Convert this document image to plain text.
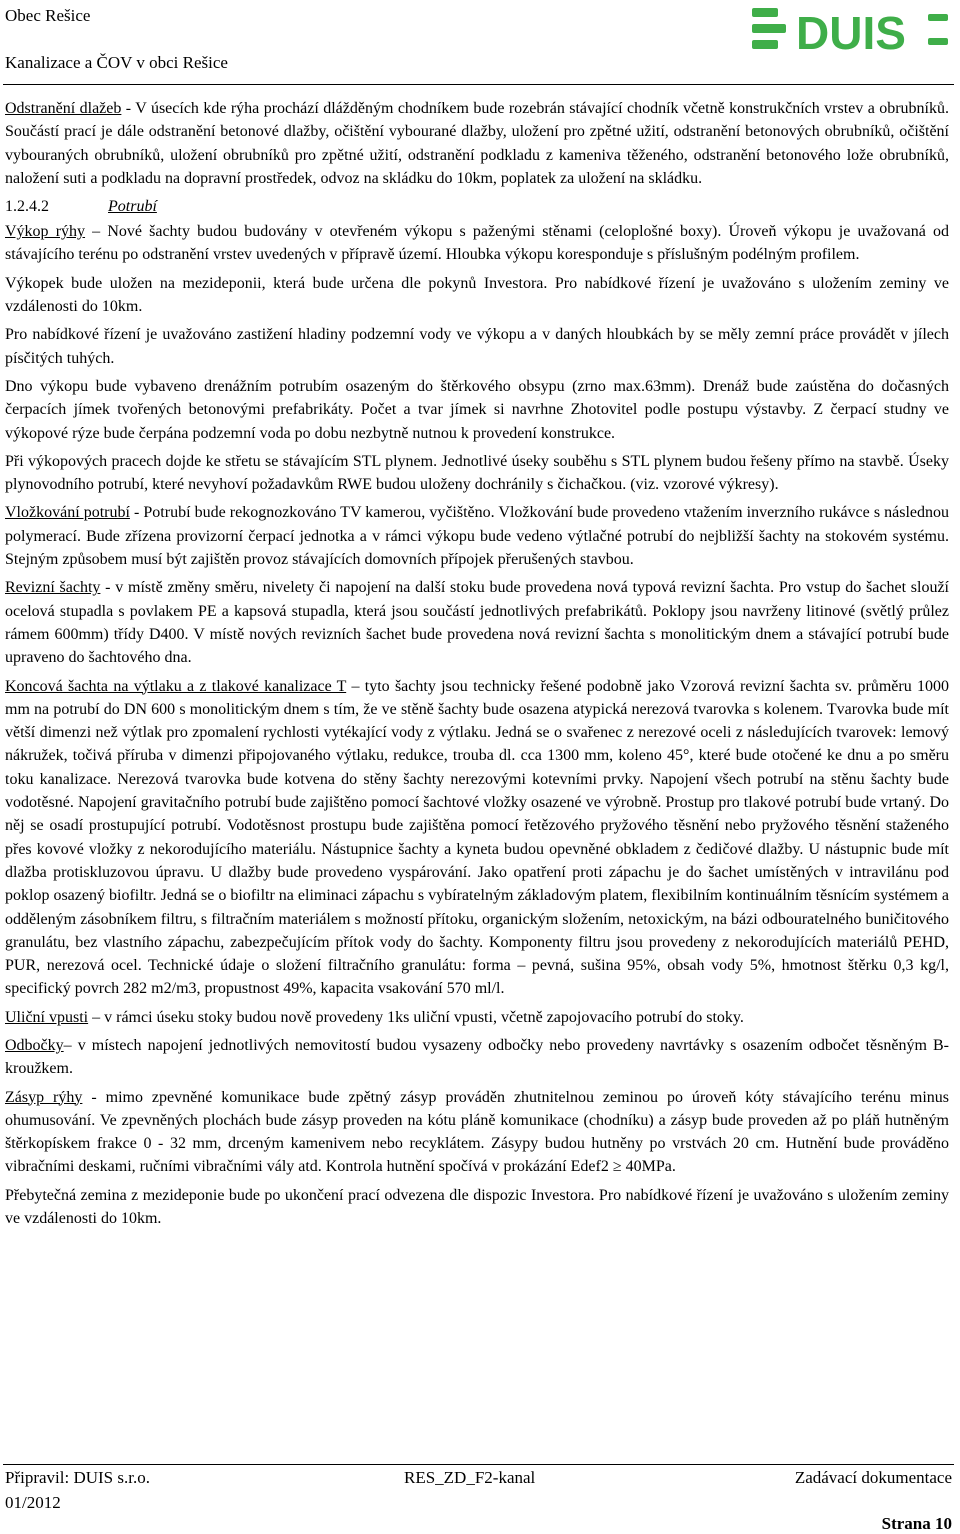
Obec Rešice
Kanalizace a ČOV v obci Rešice
DUIS

Odstranění dlažeb - V úsecích kde rýha prochází dlážděným chodníkem bude rozebrán stávající chodník včetně konstrukčních vrstev a obrubníků. Součástí prací je dále odstranění betonové dlažby, očištění vybourané dlažby, uložení pro zpětné užití, odstranění betonových obrubníků, očištění vybouraných obrubníků, uložení obrubníků pro zpětné užití, odstranění podkladu z kameniva těženého, odstranění betonového lože obrubníků, naložení suti a podkladu na dopravní prostředek, odvoz na skládku do 10km, poplatek za uložení na skládku.

1.2.4.2	Potrubí

Výkop rýhy – Nové šachty budou budovány v otevřeném výkopu s paženými stěnami (celoplošné boxy). Úroveň výkopu je uvažovaná od stávajícího terénu po odstranění vrstev uvedených v přípravě území. Hloubka výkopu koresponduje s příslušným podélným profilem.

Výkopek bude uložen na mezideponii, která bude určena dle pokynů Investora. Pro nabídkové řízení je uvažováno s uložením zeminy ve vzdálenosti do 10km.

Pro nabídkové řízení je uvažováno zastižení hladiny podzemní vody ve výkopu a v daných hloubkách by se měly zemní práce provádět v jílech písčitých tuhých.

Dno výkopu bude vybaveno drenážním potrubím osazeným do štěrkového obsypu (zrno max.63mm). Drenáž bude zaústěna do dočasných čerpacích jímek tvořených betonovými prefabrikáty. Počet a tvar jímek si navrhne Zhotovitel podle postupu výstavby. Z čerpací studny ve výkopové rýze bude čerpána podzemní voda po dobu nezbytně nutnou k provedení konstrukce.

Při výkopových pracech dojde ke střetu se stávajícím STL plynem. Jednotlivé úseky souběhu s STL plynem budou řešeny přímo na stavbě. Úseky plynovodního potrubí, které nevyhoví požadavkům RWE budou uloženy dochránily s čichačkou. (viz. vzorové výkresy).

Vložkování potrubí - Potrubí bude rekognozkováno TV kamerou, vyčištěno. Vložkování bude provedeno vtažením inverzního rukávce s následnou polymerací. Bude zřízena provizorní čerpací jednotka a v rámci výkopu bude vedeno výtlačné potrubí do nejbližší šachty na stokovém systému. Stejným způsobem musí být zajištěn provoz stávajících domovních přípojek přerušených stavbou.

Revizní šachty - v místě změny směru, nivelety či napojení na další stoku bude provedena nová typová revizní šachta. Pro vstup do šachet slouží ocelová stupadla s povlakem PE a kapsová stupadla, která jsou součástí jednotlivých prefabrikátů. Poklopy jsou navrženy litinové (světlý průlez rámem 600mm) třídy D400. V místě nových revizních šachet bude provedena nová revizní šachta s monolitickým dnem a stávající potrubí bude upraveno do šachtového dna.

Koncová šachta na výtlaku a z tlakové kanalizace T – tyto šachty jsou technicky řešené podobně jako Vzorová revizní šachta sv. průměru 1000 mm na potrubí do DN 600 s monolitickým dnem s tím, že ve stěně šachty bude osazena atypická nerezová tvarovka s kolenem. Tvarovka bude mít větší dimenzi než výtlak pro zpomalení rychlosti vytékající vody z výtlaku. Jedná se o svařenec z nerezové oceli z následujících tvarovek: lemový nákružek, točivá příruba v dimenzi připojovaného výtlaku, redukce, trouba dl. cca 1300 mm, koleno 45°, které bude otočené ke dnu a po směru toku kanalizace. Nerezová tvarovka bude kotvena do stěny šachty nerezovými kotevními prvky. Napojení všech potrubí na stěnu šachty bude vodotěsné. Napojení gravitačního potrubí bude zajištěno pomocí šachtové vložky osazené ve výrobně. Prostup pro tlakové potrubí bude vrtaný. Do něj se osadí prostupující potrubí. Vodotěsnost prostupu bude zajištěna pomocí řetězového pryžového těsnění nebo pryžového těsnění staženého přes kovové vložky z nekorodujícího materiálu. Nástupnice šachty a kyneta budou opevněné obkladem z čedičové dlažby. U nástupnic bude mít dlažba protiskluzovou úpravu. U dlažby bude provedeno vyspárování. Jako opatření proti zápachu je do šachet umístěných v intravilánu pod poklop osazený biofiltr. Jedná se o biofiltr na eliminaci zápachu s vybíratelným základovým platem, flexibilním kontinuálním těsnícím systémem a odděleným zásobníkem filtru, s filtračním materiálem s možností přítoku, organickým složením, netoxickým, na bázi odbouratelného buničitového granulátu, bez vlastního zápachu, zabezpečujícím přítok vody do šachty. Komponenty filtru jsou provedeny z nekorodujících materiálů PEHD, PUR, nerezová ocel. Technické údaje o složení filtračního granulátu: forma – pevná, sušina 95%, obsah vody 5%, hmotnost štěrku 0,3 kg/l, specifický povrch 282 m2/m3, propustnost 49%, kapacita vsakování 570 ml/l.

Uliční vpusti – v rámci úseku stoky budou nově provedeny 1ks uliční vpusti, včetně zapojovacího potrubí do stoky.

Odbočky– v místech napojení jednotlivých nemovitostí budou vysazeny odbočky nebo provedeny navrtávky s osazením odbočet těsněným B-kroužkem.

Zásyp rýhy - mimo zpevněné komunikace bude zpětný zásyp prováděn zhutnitelnou zeminou po úroveň kóty stávajícího terénu minus ohumusování. Ve zpevněných plochách bude zásyp proveden na kótu pláně komunikace (chodníku) a zásyp bude proveden až po pláň hutněným štěrkopískem frakce 0 - 32 mm, drceným kamenivem nebo recyklátem. Zásypy budou hutněny po vrstvách 20 cm. Hutnění bude prováděno vibračními deskami, ručními vibračními vály atd. Kontrola hutnění spočívá v prokázání Edef2 ≥ 40MPa.

Přebytečná zemina z mezideponie bude po ukončení prací odvezena dle dispozic Investora. Pro nabídkové řízení je uvažováno s uložením zeminy ve vzdálenosti do 10km.

Připravil: DUIS s.r.o.
01/2012
RES_ZD_F2-kanal	Zadávací dokumentace
Strana 10
